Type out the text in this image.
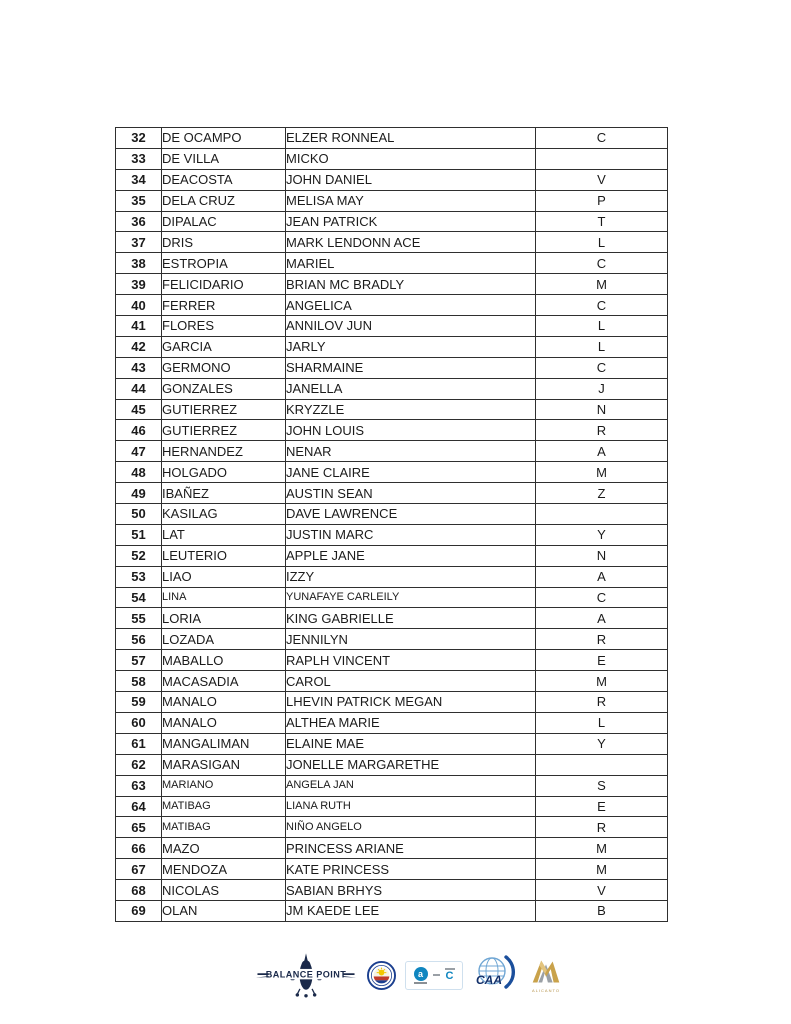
32	DE OCAMPO	ELZER RONNEAL	C
33	DE VILLA	MICKO	
34	DEACOSTA	JOHN DANIEL	V
35	DELA CRUZ	MELISA MAY	P
36	DIPALAC	JEAN PATRICK	T
37	DRIS	MARK LENDONN ACE	L
38	ESTROPIA	MARIEL	C
39	FELICIDARIO	BRIAN MC BRADLY	M
40	FERRER	ANGELICA	C
41	FLORES	ANNILOV JUN	L
42	GARCIA	JARLY	L
43	GERMONO	SHARMAINE	C
44	GONZALES	JANELLA	J
45	GUTIERREZ	KRYZZLE	N
46	GUTIERREZ	JOHN LOUIS	R
47	HERNANDEZ	NENAR	A
48	HOLGADO	JANE CLAIRE	M
49	IBAÑEZ	AUSTIN SEAN	Z
50	KASILAG	DAVE LAWRENCE	
51	LAT	JUSTIN MARC	Y
52	LEUTERIO	APPLE JANE	N
53	LIAO	IZZY	A
54	LINA	YUNAFAYE CARLEILY	C
55	LORIA	KING GABRIELLE	A
56	LOZADA	JENNILYN	R
57	MABALLO	RAPLH VINCENT	E
58	MACASADIA	CAROL	M
59	MANALO	LHEVIN PATRICK MEGAN	R
60	MANALO	ALTHEA MARIE	L
61	MANGALIMAN	ELAINE MAE	Y
62	MARASIGAN	JONELLE MARGARETHE	
63	MARIANO	ANGELA JAN	S
64	MATIBAG	LIANA RUTH	E
65	MATIBAG	NIÑO ANGELO	R
66	MAZO	PRINCESS ARIANE	M
67	MENDOZA	KATE PRINCESS	M
68	NICOLAS	SABIAN BRHYS	V
69	OLAN	JM KAEDE LEE	B
BALANCE POINT	a	C CAA
ALICANTO
